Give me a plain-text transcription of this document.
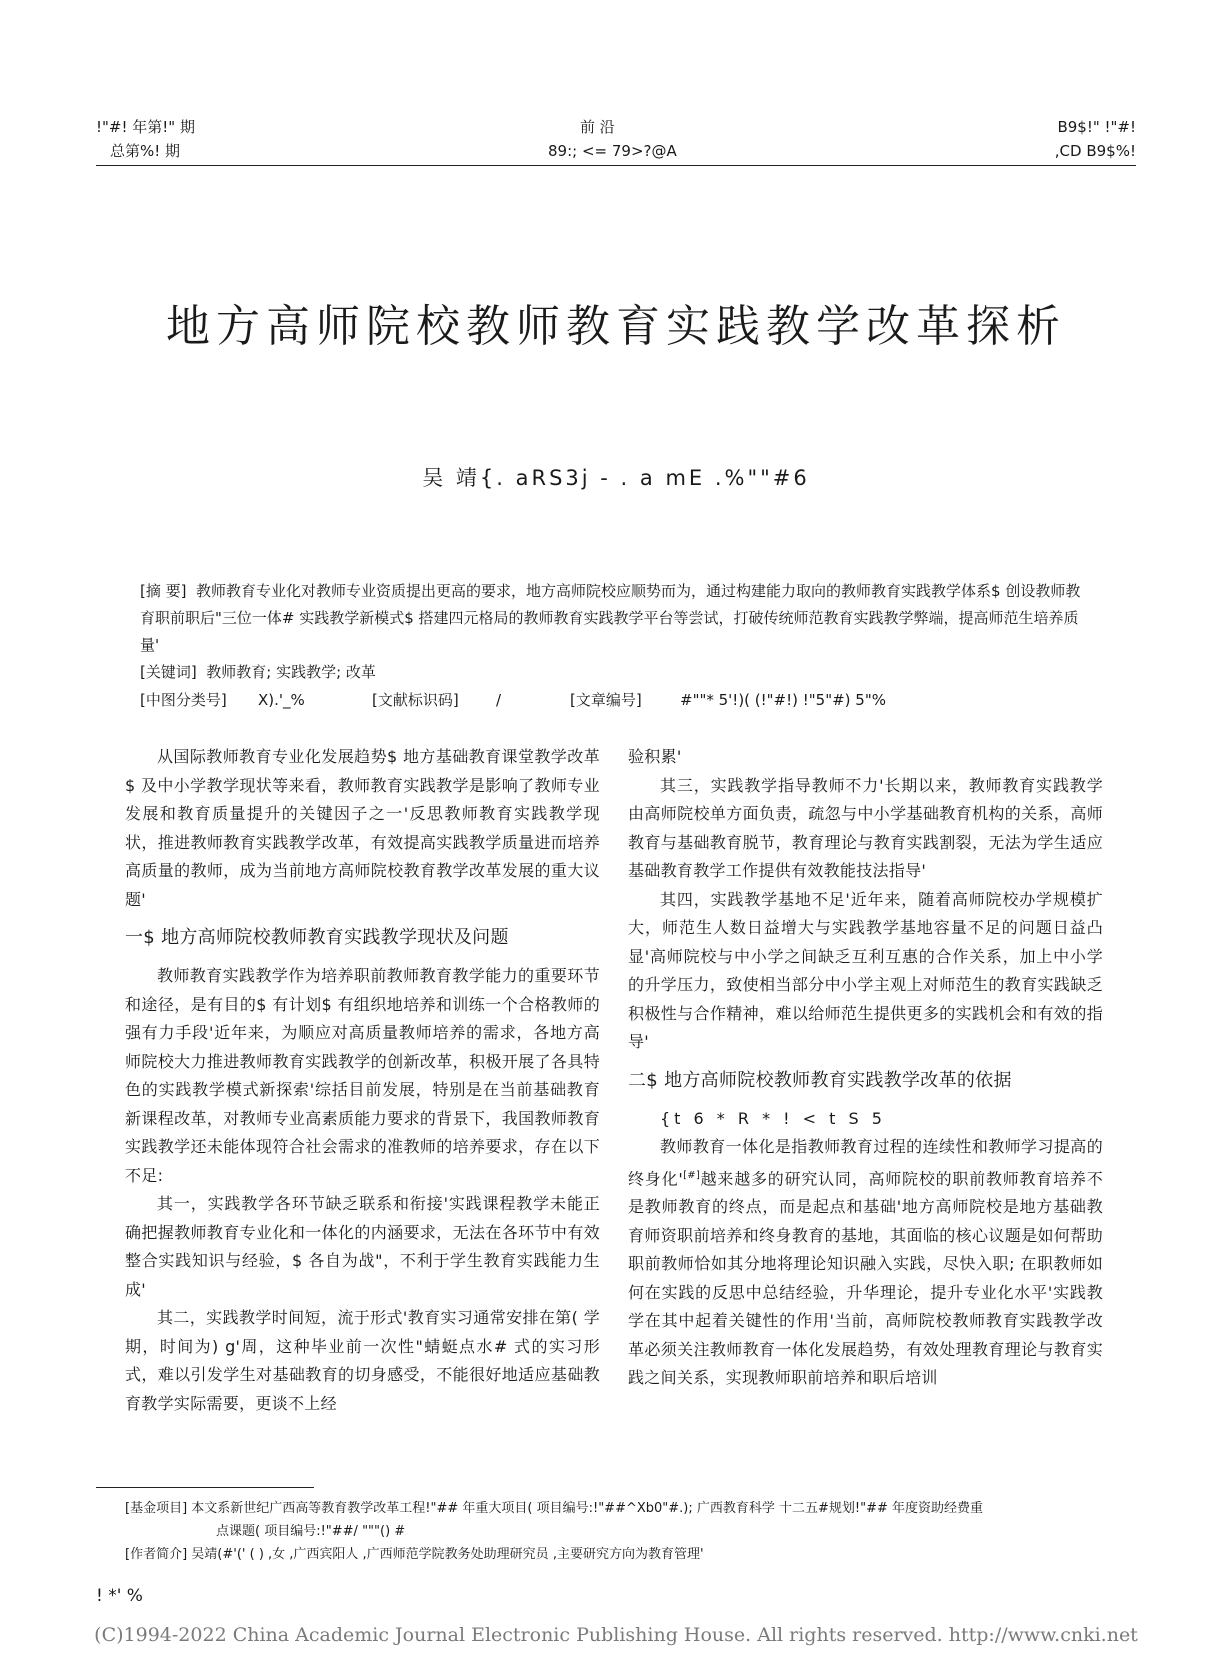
!"#! 年第!" 期
总第%! 期
前 沿
89:; <= 79>?@A
B9$!" !"#!
,CD B9$%!
地方高师院校教师教育实践教学改革探析
吴 靖{. aRS3j - . a mE .%""#6

[摘 要] 教师教育专业化对教师专业资质提出更高的要求，地方高师院校应顺势而为，通过构建能力取向的教师教育实践教学体系$ 创设教师教育职前职后"三位一体# 实践教学新模式$ 搭建四元格局的教师教育实践教学平台等尝试，打破传统师范教育实践教学弊端，提高师范生培养质量'

[关键词] 教师教育; 实践教学; 改革

[中图分类号] X).'_%	[文献标识码] /	[文章编号]	#""* 5'!)( (!"#!) !"5"#) 5"%

从国际教师教育专业化发展趋势$ 地方基础教育课堂教学改革$ 及中小学教学现状等来看，教师教育实践教学是影响了教师专业发展和教育质量提升的关键因子之一'反思教师教育实践教学现状，推进教师教育实践教学改革，有效提高实践教学质量进而培养高质量的教师，成为当前地方高师院校教育教学改革发展的重大议题'

一$ 地方高师院校教师教育实践教学现状及问题

教师教育实践教学作为培养职前教师教育教学能力的重要环节和途径，是有目的$ 有计划$ 有组织地培养和训练一个合格教师的强有力手段'近年来，为顺应对高质量教师培养的需求，各地方高师院校大力推进教师教育实践教学的创新改革，积极开展了各具特色的实践教学模式新探索'综括目前发展，特别是在当前基础教育新课程改革，对教师专业高素质能力要求的背景下，我国教师教育实践教学还未能体现符合社会需求的准教师的培养要求，存在以下不足:

其一，实践教学各环节缺乏联系和衔接'实践课程教学未能正确把握教师教育专业化和一体化的内涵要求，无法在各环节中有效整合实践知识与经验，$ 各自为战"，不利于学生教育实践能力生成'

其二，实践教学时间短，流于形式'教育实习通常安排在第( 学期，时间为) g'周，这种毕业前一次性"蜻蜓点水# 式的实习形式，难以引发学生对基础教育的切身感受，不能很好地适应基础教育教学实际需要，更谈不上经

验积累'

其三，实践教学指导教师不力'长期以来，教师教育实践教学由高师院校单方面负责，疏忽与中小学基础教育机构的关系，高师教育与基础教育脱节，教育理论与教育实践割裂，无法为学生适应基础教育教学工作提供有效教能技法指导'

其四，实践教学基地不足'近年来，随着高师院校办学规模扩大，师范生人数日益增大与实践教学基地容量不足的问题日益凸显'高师院校与中小学之间缺乏互利互惠的合作关系，加上中小学的升学压力，致使相当部分中小学主观上对师范生的教育实践缺乏积极性与合作精神，难以给师范生提供更多的实践机会和有效的指导'

二$ 地方高师院校教师教育实践教学改革的依据

{t 6 * R * ! < t S 5

教师教育一体化是指教师教育过程的连续性和教师学习提高的终身化'[#]越来越多的研究认同，高师院校的职前教师教育培养不是教师教育的终点，而是起点和基础'地方高师院校是地方基础教育师资职前培养和终身教育的基地，其面临的核心议题是如何帮助职前教师恰如其分地将理论知识融入实践，尽快入职; 在职教师如何在实践的反思中总结经验，升华理论，提升专业化水平'实践教学在其中起着关键性的作用'当前，高师院校教师教育实践教学改革必须关注教师教育一体化发展趋势，有效处理教育理论与教育实践之间关系，实现教师职前培养和职后培训

[基金项目] 本文系新世纪广西高等教育教学改革工程!"## 年重大项目( 项目编号:!"##^Xb0"#.); 广西教育科学 十二五#规划!"## 年度资助经费重

点课题( 项目编号:!"##/ """() #

[作者简介] 吴靖(#'(' ( ) ,女 ,广西宾阳人 ,广西师范学院教务处助理研究员 ,主要研究方向为教育管理'

! *' %
(C)1994-2022 China Academic Journal Electronic Publishing House. All rights reserved. http://www.cnki.net
